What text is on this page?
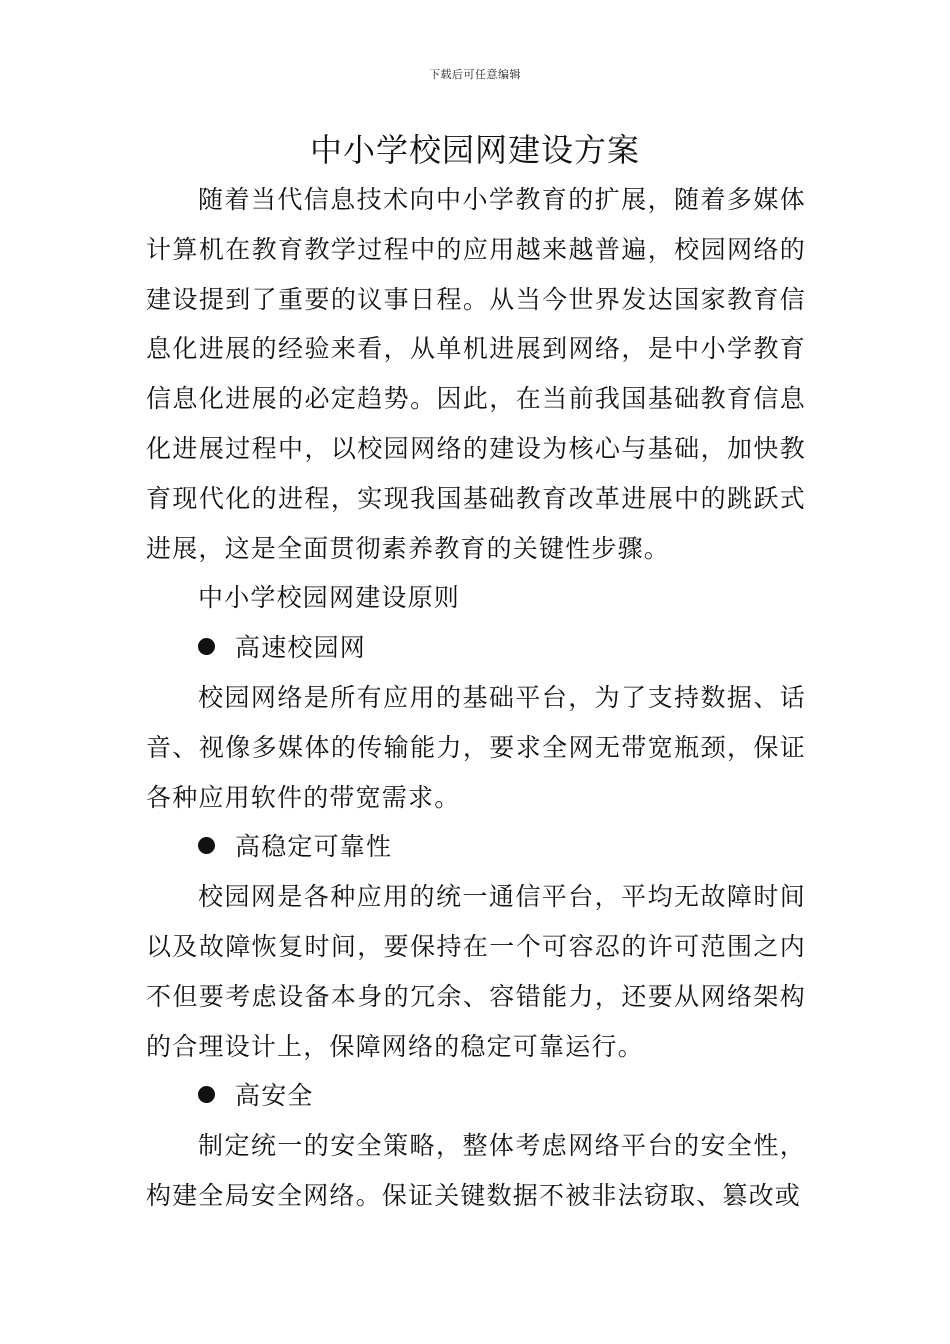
下载后可任意编辑
中小学校园网建设方案

随着当代信息技术向中小学教育的扩展，随着多媒体计算机在教育教学过程中的应用越来越普遍，校园网络的建设提到了重要的议事日程。从当今世界发达国家教育信息化进展的经验来看，从单机进展到网络，是中小学教育信息化进展的必定趋势。因此，在当前我国基础教育信息化进展过程中，以校园网络的建设为核心与基础，加快教育现代化的进程，实现我国基础教育改革进展中的跳跃式进展，这是全面贯彻素养教育的关键性步骤。

中小学校园网建设原则

高速校园网

校园网络是所有应用的基础平台，为了支持数据、话音、视像多媒体的传输能力，要求全网无带宽瓶颈，保证各种应用软件的带宽需求。

高稳定可靠性

校园网是各种应用的统一通信平台，平均无故障时间以及故障恢复时间，要保持在一个可容忍的许可范围之内不但要考虑设备本身的冗余、容错能力，还要从网络架构的合理设计上，保障网络的稳定可靠运行。

高安全

制定统一的安全策略，整体考虑网络平台的安全性，构建全局安全网络。保证关键数据不被非法窃取、篡改或
